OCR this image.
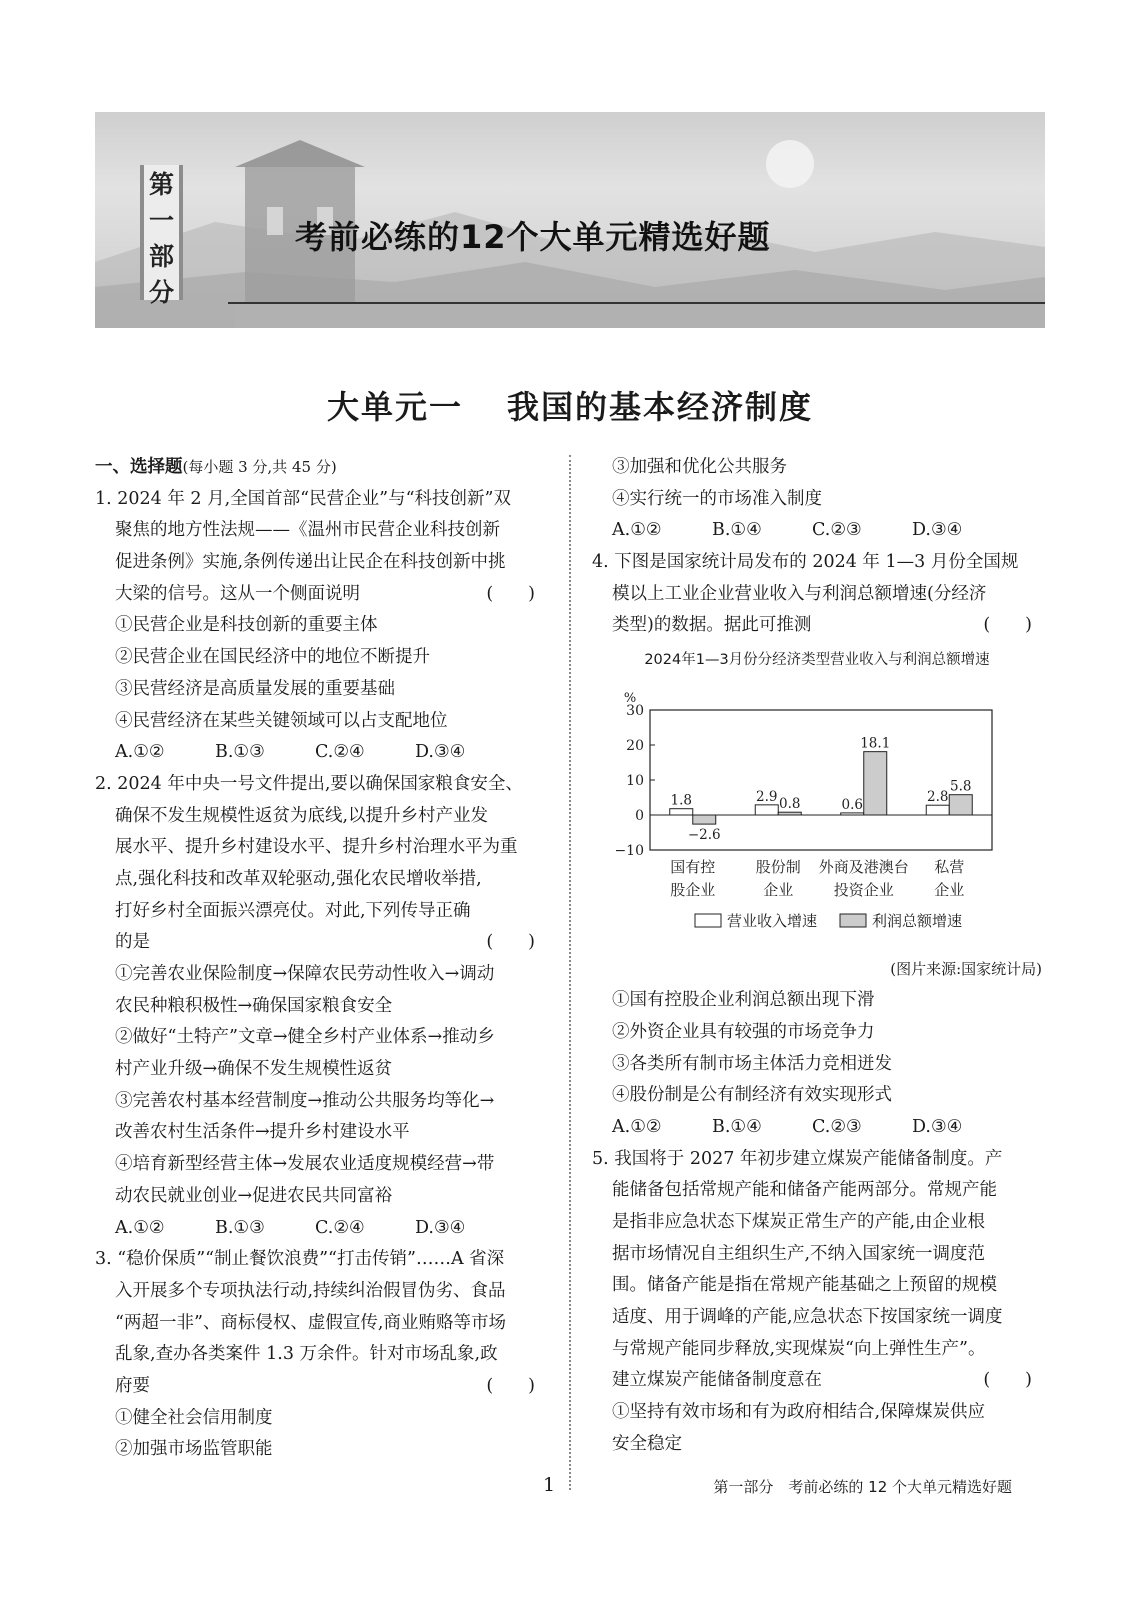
第
一
部
分
考前必练的12个大单元精选好题
大单元一 我国的基本经济制度
一、选择题(每小题 3 分,共 45 分)
1. 2024 年 2 月,全国首部“民营企业”与“科技创新”双
聚焦的地方性法规——《温州市民营企业科技创新
促进条例》实施,条例传递出让民企在科技创新中挑
大梁的信号。这从一个侧面说明	(　　)
①民营企业是科技创新的重要主体
②民营企业在国民经济中的地位不断提升
③民营经济是高质量发展的重要基础
④民营经济在某些关键领域可以占支配地位
A.①②	B.①③	C.②④	D.③④
2. 2024 年中央一号文件提出,要以确保国家粮食安全、
确保不发生规模性返贫为底线,以提升乡村产业发
展水平、提升乡村建设水平、提升乡村治理水平为重
点,强化科技和改革双轮驱动,强化农民增收举措,
打好乡村全面振兴漂亮仗。对此,下列传导正确
的是	(　　)
①完善农业保险制度→保障农民劳动性收入→调动
农民种粮积极性→确保国家粮食安全
②做好“土特产”文章→健全乡村产业体系→推动乡
村产业升级→确保不发生规模性返贫
③完善农村基本经营制度→推动公共服务均等化→
改善农村生活条件→提升乡村建设水平
④培育新型经营主体→发展农业适度规模经营→带
动农民就业创业→促进农民共同富裕
A.①②	B.①③	C.②④	D.③④
3. “稳价保质”“制止餐饮浪费”“打击传销”……A 省深
入开展多个专项执法行动,持续纠治假冒伪劣、食品
“两超一非”、商标侵权、虚假宣传,商业贿赂等市场
乱象,查办各类案件 1.3 万余件。针对市场乱象,政
府要	(　　)
①健全社会信用制度
②加强市场监管职能
③加强和优化公共服务
④实行统一的市场准入制度
A.①②	B.①④	C.②③	D.③④
4. 下图是国家统计局发布的 2024 年 1—3 月份全国规
模以上工业企业营业收入与利润总额增速(分经济
类型)的数据。据此可推测	(　　)
2024年1—3月份分经济类型营业收入与利润总额增速
%
30
20
10
0
−10
1.8
−2.6
国有控
股企业
2.9 0.8
股份制
企业
0.6
18.1
外商及港澳台
投资企业
2.8
5.8
私营
企业
营业收入增速	利润总额增速
(图片来源:国家统计局)
①国有控股企业利润总额出现下滑
②外资企业具有较强的市场竞争力
③各类所有制市场主体活力竞相迸发
④股份制是公有制经济有效实现形式
A.①②	B.①④	C.②③	D.③④
5. 我国将于 2027 年初步建立煤炭产能储备制度。产
能储备包括常规产能和储备产能两部分。常规产能
是指非应急状态下煤炭正常生产的产能,由企业根
据市场情况自主组织生产,不纳入国家统一调度范
围。储备产能是指在常规产能基础之上预留的规模
适度、用于调峰的产能,应急状态下按国家统一调度
与常规产能同步释放,实现煤炭“向上弹性生产”。
建立煤炭产能储备制度意在	(　　)
①坚持有效市场和有为政府相结合,保障煤炭供应
安全稳定
1	第一部分　考前必练的 12 个大单元精选好题
